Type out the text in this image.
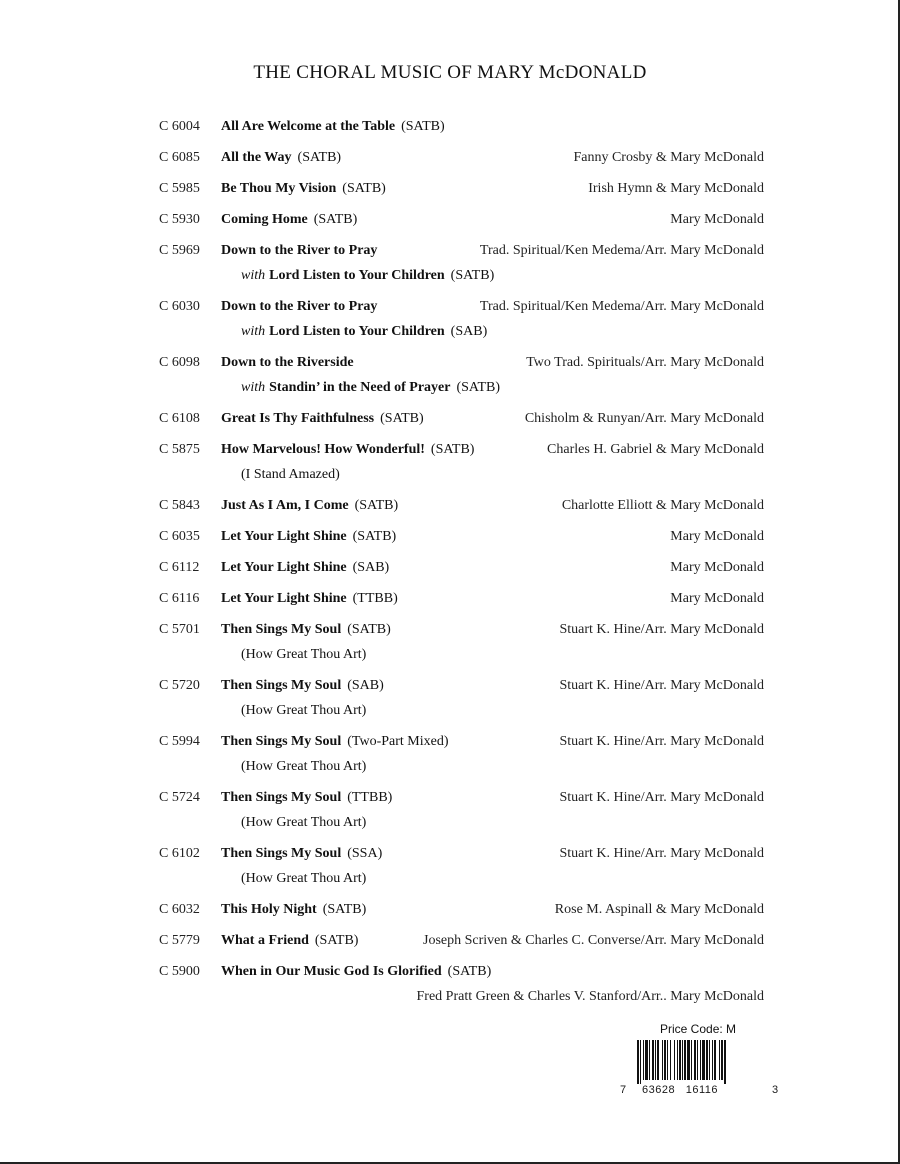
THE CHORAL MUSIC OF MARY McDONALD
C 6004 All Are Welcome at the Table (SATB)
C 6085 All the Way (SATB)	Fanny Crosby & Mary McDonald
C 5985 Be Thou My Vision (SATB)	Irish Hymn & Mary McDonald
C 5930 Coming Home (SATB)	Mary McDonald
C 5969 Down to the River to Pray	Trad. Spiritual/Ken Medema/Arr. Mary McDonald
with Lord Listen to Your Children (SATB)
C 6030 Down to the River to Pray	Trad. Spiritual/Ken Medema/Arr. Mary McDonald
with Lord Listen to Your Children (SAB)
C 6098 Down to the Riverside	Two Trad. Spirituals/Arr. Mary McDonald
with Standin’ in the Need of Prayer (SATB)
C 6108 Great Is Thy Faithfulness (SATB)	Chisholm & Runyan/Arr. Mary McDonald
C 5875 How Marvelous! How Wonderful! (SATB)	Charles H. Gabriel & Mary McDonald
(I Stand Amazed)
C 5843 Just As I Am, I Come (SATB)	Charlotte Elliott & Mary McDonald
C 6035 Let Your Light Shine (SATB)	Mary McDonald
C 6112 Let Your Light Shine (SAB)	Mary McDonald
C 6116 Let Your Light Shine (TTBB)	Mary McDonald
C 5701 Then Sings My Soul (SATB)	Stuart K. Hine/Arr. Mary McDonald
(How Great Thou Art)
C 5720 Then Sings My Soul (SAB)	Stuart K. Hine/Arr. Mary McDonald
(How Great Thou Art)
C 5994 Then Sings My Soul (Two-Part Mixed)	Stuart K. Hine/Arr. Mary McDonald
(How Great Thou Art)
C 5724 Then Sings My Soul (TTBB)	Stuart K. Hine/Arr. Mary McDonald
(How Great Thou Art)
C 6102 Then Sings My Soul (SSA)	Stuart K. Hine/Arr. Mary McDonald
(How Great Thou Art)
C 6032 This Holy Night (SATB)	Rose M. Aspinall & Mary McDonald
C 5779 What a Friend (SATB)	Joseph Scriven & Charles C. Converse/Arr. Mary McDonald
C 5900 When in Our Music God Is Glorified (SATB)
Fred Pratt Green & Charles V. Stanford/Arr.. Mary McDonald
Price Code: M
7 63628   16116	3
